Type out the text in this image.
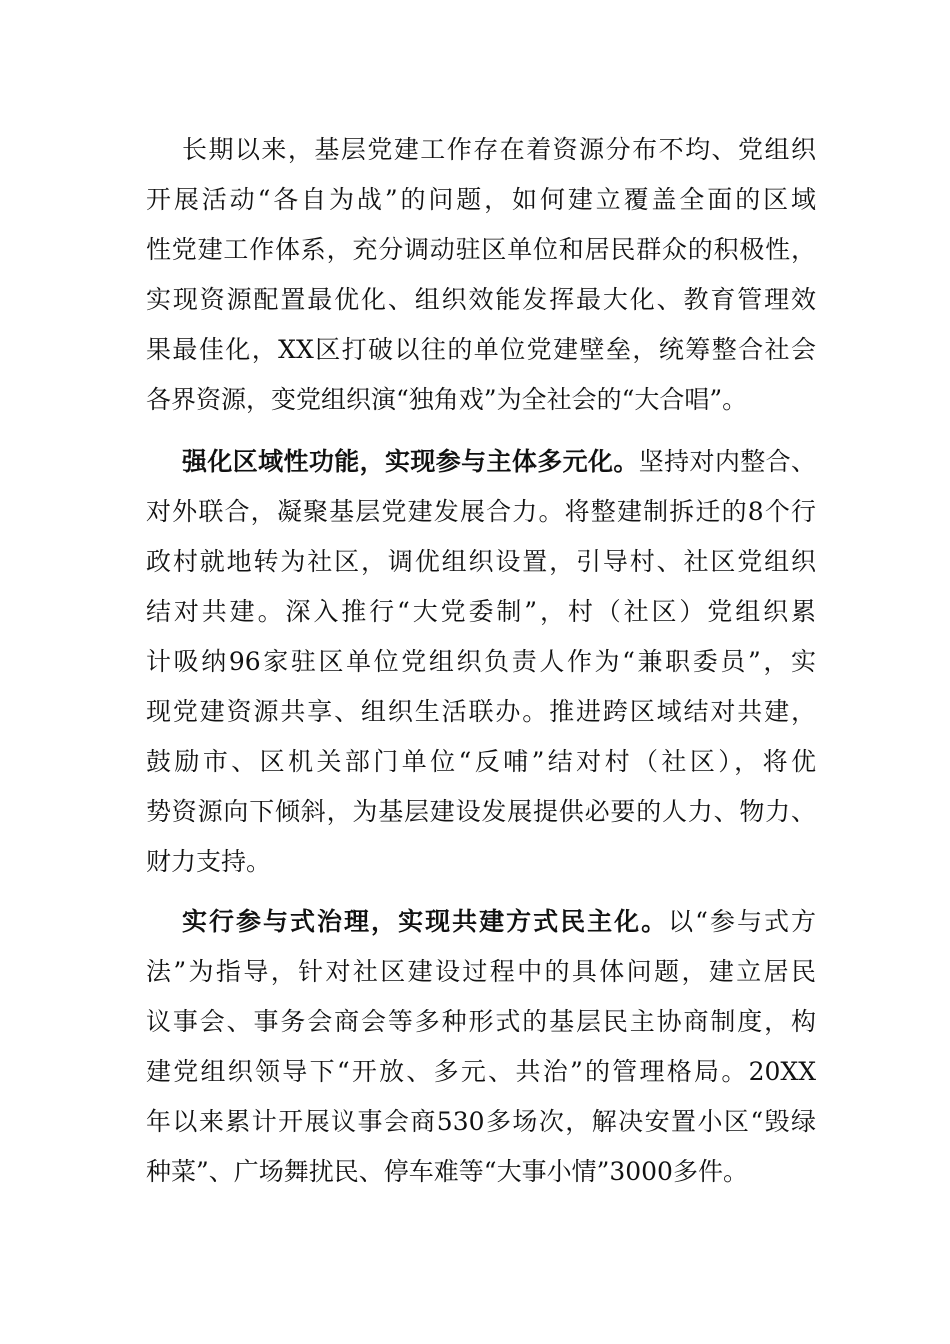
长期以来，基层党建工作存在着资源分布不均、党组织
开展活动“各自为战”的问题，如何建立覆盖全面的区域
性党建工作体系，充分调动驻区单位和居民群众的积极性，
实现资源配置最优化、组织效能发挥最大化、教育管理效
果最佳化，XX区打破以往的单位党建壁垒，统筹整合社会
各界资源，变党组织演“独角戏”为全社会的“大合唱”。
强化区域性功能，实现参与主体多元化。坚持对内整合、
对外联合，凝聚基层党建发展合力。将整建制拆迁的8个行
政村就地转为社区，调优组织设置，引导村、社区党组织
结对共建。深入推行“大党委制”，村（社区）党组织累
计吸纳96家驻区单位党组织负责人作为“兼职委员”，实
现党建资源共享、组织生活联办。推进跨区域结对共建，
鼓励市、区机关部门单位“反哺”结对村（社区），将优
势资源向下倾斜，为基层建设发展提供必要的人力、物力、
财力支持。
实行参与式治理，实现共建方式民主化。以“参与式方
法”为指导，针对社区建设过程中的具体问题，建立居民
议事会、事务会商会等多种形式的基层民主协商制度，构
建党组织领导下“开放、多元、共治”的管理格局。20XX
年以来累计开展议事会商530多场次，解决安置小区“毁绿
种菜”、广场舞扰民、停车难等“大事小情”3000多件。
